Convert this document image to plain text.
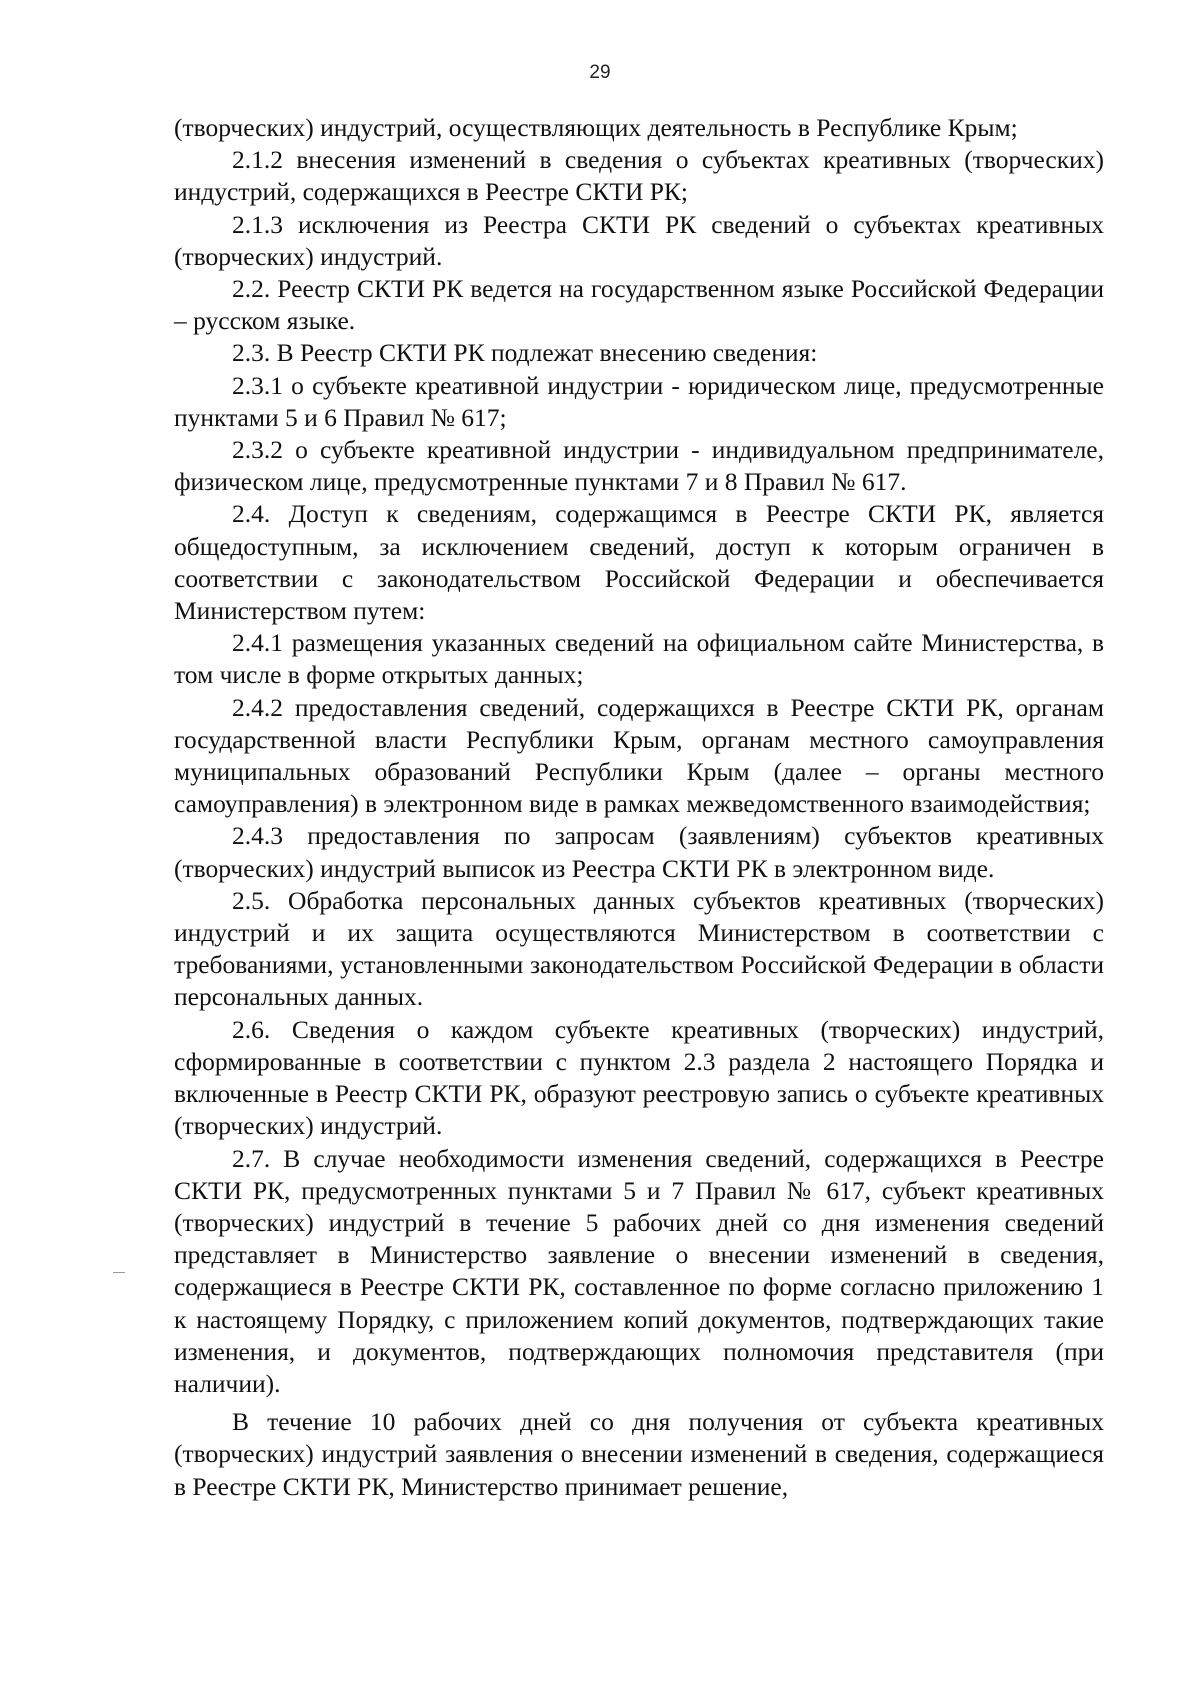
29

(творческих) индустрий, осуществляющих деятельность в Республике Крым;

2.1.2 внесения изменений в сведения о субъектах креативных (творческих) индустрий, содержащихся в Реестре СКТИ РК;

2.1.3 исключения из Реестра СКТИ РК сведений о субъектах креативных (творческих) индустрий.

2.2. Реестр СКТИ РК ведется на государственном языке Российской Федерации – русском языке.

2.3. В Реестр СКТИ РК подлежат внесению сведения:

2.3.1 о субъекте креативной индустрии - юридическом лице, предусмотренные пунктами 5 и 6 Правил № 617;

2.3.2 о субъекте креативной индустрии - индивидуальном предпринимателе, физическом лице, предусмотренные пунктами 7 и 8 Правил № 617.

2.4. Доступ к сведениям, содержащимся в Реестре СКТИ РК, является общедоступным, за исключением сведений, доступ к которым ограничен в соответствии с законодательством Российской Федерации и обеспечивается Министерством путем:

2.4.1 размещения указанных сведений на официальном сайте Министерства, в том числе в форме открытых данных;

2.4.2 предоставления сведений, содержащихся в Реестре СКТИ РК, органам государственной власти Республики Крым, органам местного самоуправления муниципальных образований Республики Крым (далее – органы местного самоуправления) в электронном виде в рамках межведомственного взаимодействия;

2.4.3 предоставления по запросам (заявлениям) субъектов креативных (творческих) индустрий выписок из Реестра СКТИ РК в электронном виде.

2.5. Обработка персональных данных субъектов креативных (творческих) индустрий и их защита осуществляются Министерством в соответствии с требованиями, установленными законодательством Российской Федерации в области персональных данных.

2.6. Сведения о каждом субъекте креативных (творческих) индустрий, сформированные в соответствии с пунктом 2.3 раздела 2 настоящего Порядка и включенные в Реестр СКТИ РК, образуют реестровую запись о субъекте креативных (творческих) индустрий.

2.7. В случае необходимости изменения сведений, содержащихся в Реестре СКТИ РК, предусмотренных пунктами 5 и 7 Правил № 617, субъект креативных (творческих) индустрий в течение 5 рабочих дней со дня изменения сведений представляет в Министерство заявление о внесении изменений в сведения, содержащиеся в Реестре СКТИ РК, составленное по форме согласно приложению 1 к настоящему Порядку, с приложением копий документов, подтверждающих такие изменения, и документов, подтверждающих полномочия представителя (при наличии).

В течение 10 рабочих дней со дня получения от субъекта креативных (творческих) индустрий заявления о внесении изменений в сведения, содержащиеся в Реестре СКТИ РК, Министерство принимает решение,
